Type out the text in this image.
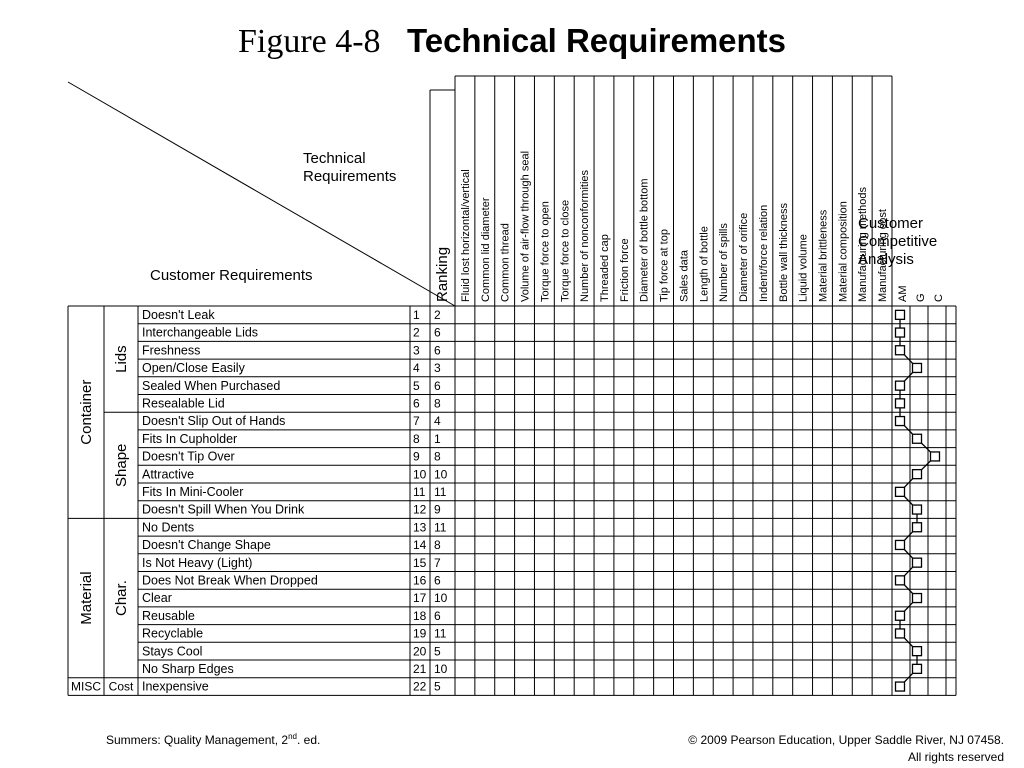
Figure 4-8 Technical Requirements
Technical
Requirements
Customer Requirements	Ranking
Customer
Competitive
Analysis
AM G C
Fluid lost horizontal/vertical Common lid diameter Common thread Volume of air-flow through seal Torque force to open Torque force to close Number of nonconformities Threaded cap Friction force Diameter of bottle bottom Tip force at top Sales data Length of bottle Number of spills Diameter of orifice Indent/force relation Bottle wall thickness Liquid volume Material brittleness Material composition Manufacturing methods Manufacturing cost
Container
Material
MISC
Lids
Shape
Char.
Cost
Doesn't Leak	1 2
Interchangeable Lids	2 6
Freshness	3 6
Open/Close Easily	4 3
Sealed When Purchased	5 6
Resealable Lid	6 8
Doesn't Slip Out of Hands	7 4
Fits In Cupholder	8 1
Doesn't Tip Over	9 8
Attractive	10 10
Fits In Mini-Cooler	11 11
Doesn't Spill When You Drink	12 9
No Dents	13 11
Doesn't Change Shape	14 8
Is Not Heavy (Light)	15 7
Does Not Break When Dropped	16 6
Clear	17 10
Reusable	18 6
Recyclable	19 11
Stays Cool	20 5
No Sharp Edges	21 10
Inexpensive	22 5
Summers: Quality Management, 2nd. ed.	© 2009 Pearson Education, Upper Saddle River, NJ 07458.
All rights reserved
